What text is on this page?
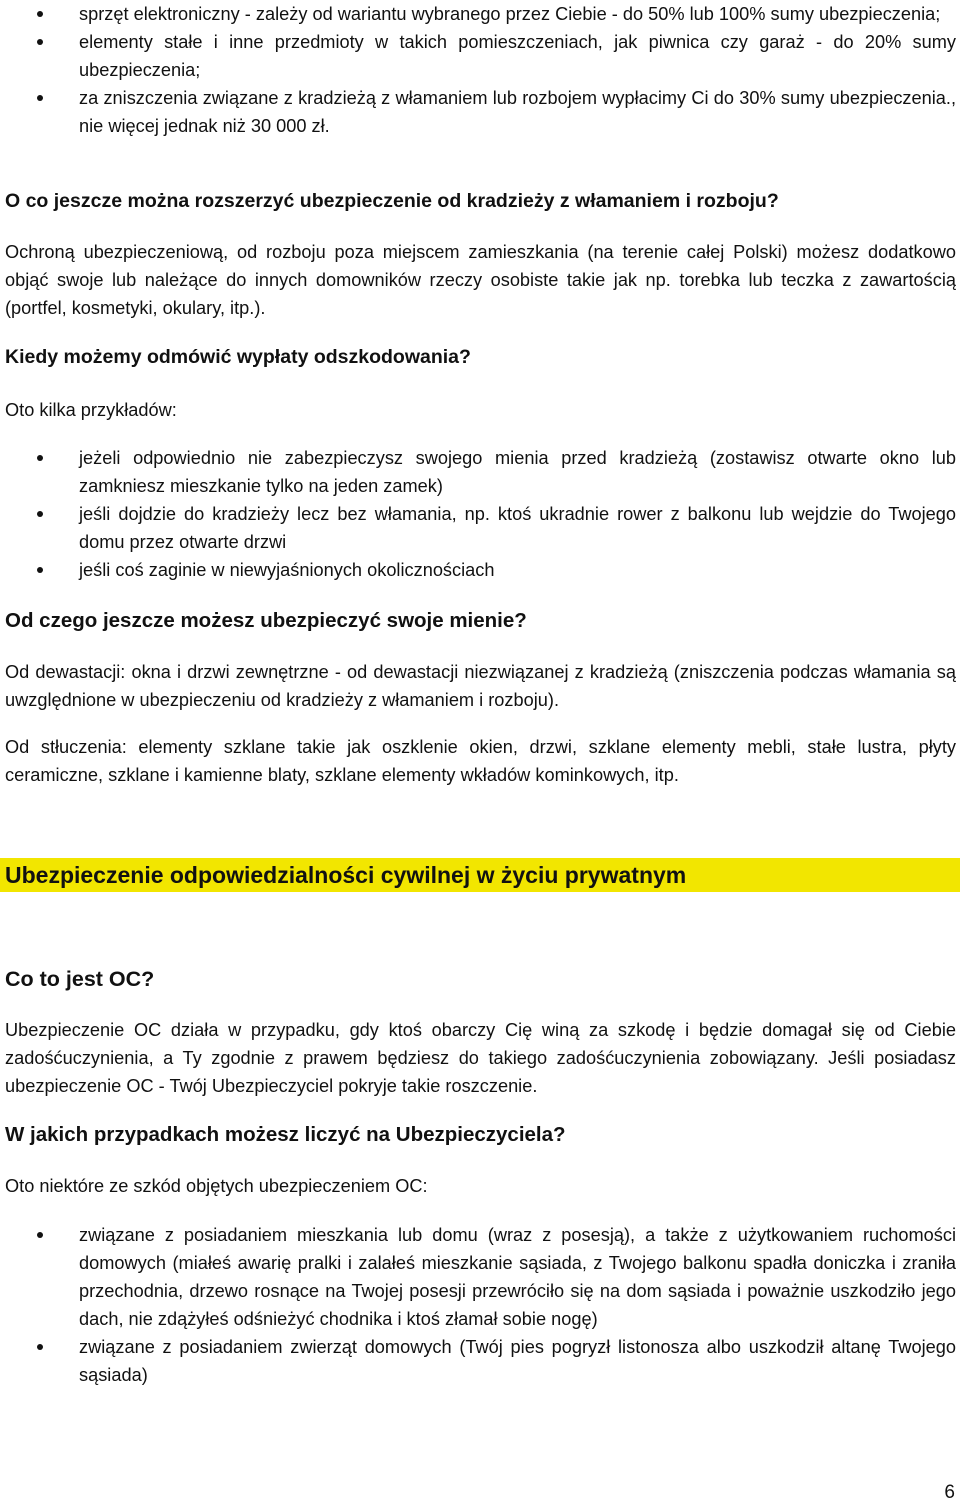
sprzęt elektroniczny - zależy od wariantu wybranego przez Ciebie - do 50% lub 100% sumy ubezpieczenia;
elementy stałe i inne przedmioty w takich pomieszczeniach, jak piwnica czy garaż - do 20% sumy ubezpieczenia;
za zniszczenia związane z kradzieżą z włamaniem lub rozbojem wypłacimy Ci do 30% sumy ubezpieczenia., nie więcej jednak niż 30 000 zł.
O co jeszcze można rozszerzyć ubezpieczenie od kradzieży z włamaniem i rozboju?

Ochroną ubezpieczeniową, od rozboju poza miejscem zamieszkania (na terenie całej Polski) możesz dodatkowo objąć swoje lub należące do innych domowników rzeczy osobiste takie jak np. torebka lub teczka z zawartością (portfel, kosmetyki, okulary, itp.).

Kiedy możemy odmówić wypłaty odszkodowania?

Oto kilka przykładów:

jeżeli odpowiednio nie zabezpieczysz swojego mienia przed kradzieżą (zostawisz otwarte okno lub zamkniesz mieszkanie tylko na jeden zamek)
jeśli dojdzie do kradzieży lecz bez włamania, np. ktoś ukradnie rower z balkonu lub wejdzie do Twojego domu przez otwarte drzwi
jeśli coś zaginie w niewyjaśnionych okolicznościach
Od czego jeszcze możesz ubezpieczyć swoje mienie?

Od dewastacji: okna i drzwi zewnętrzne - od dewastacji niezwiązanej z kradzieżą (zniszczenia podczas włamania są uwzględnione w ubezpieczeniu od kradzieży z włamaniem i rozboju).

Od stłuczenia: elementy szklane takie jak oszklenie okien, drzwi, szklane elementy mebli, stałe lustra, płyty ceramiczne, szklane i kamienne blaty, szklane elementy wkładów kominkowych, itp.

Ubezpieczenie odpowiedzialności cywilnej w życiu prywatnym
Co to jest OC?

Ubezpieczenie OC działa w przypadku, gdy ktoś obarczy Cię winą za szkodę i będzie domagał się od Ciebie zadośćuczynienia, a Ty zgodnie z prawem będziesz do takiego zadośćuczynienia zobowiązany. Jeśli posiadasz ubezpieczenie OC - Twój Ubezpieczyciel pokryje takie roszczenie.

W jakich przypadkach możesz liczyć na Ubezpieczyciela?

Oto niektóre ze szkód objętych ubezpieczeniem OC:

związane z posiadaniem mieszkania lub domu (wraz z posesją), a także z użytkowaniem ruchomości domowych (miałeś awarię pralki i zalałeś mieszkanie sąsiada, z Twojego balkonu spadła doniczka i zraniła przechodnia, drzewo rosnące na Twojej posesji przewróciło się na dom sąsiada i poważnie uszkodziło jego dach, nie zdążyłeś odśnieżyć chodnika i ktoś złamał sobie nogę)
związane z posiadaniem zwierząt domowych (Twój pies pogryzł listonosza albo uszkodził altanę Twojego sąsiada)
6
